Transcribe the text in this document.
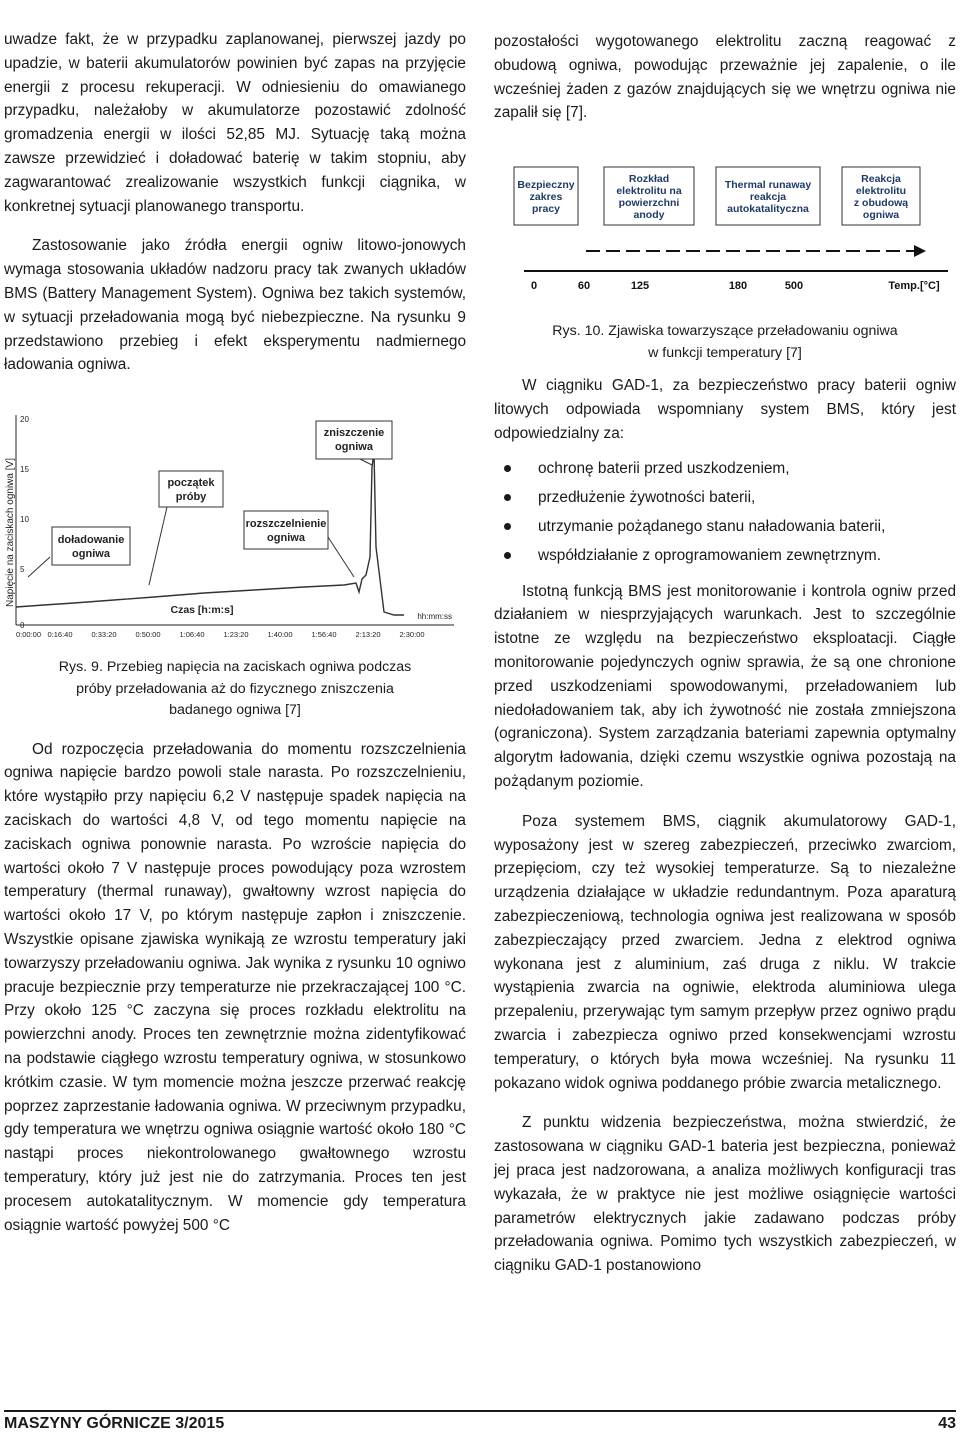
uwadze fakt, że w przypadku zaplanowanej, pierwszej jazdy po upadzie, w baterii akumulatorów powinien być zapas na przyjęcie energii z procesu rekuperacji. W odniesieniu do omawianego przypadku, należałoby w akumulatorze pozostawić zdolność gromadzenia energii w ilości 52,85 MJ. Sytuację taką można zawsze przewidzieć i doładować baterię w takim stopniu, aby zagwarantować zrealizowanie wszystkich funkcji ciągnika, w konkretnej sytuacji planowanego transportu.

Zastosowanie jako źródła energii ogniw litowo-jonowych wymaga stosowania układów nadzoru pracy tak zwanych układów BMS (Battery Management System). Ogniwa bez takich systemów, w sytuacji przeładowania mogą być niebezpieczne. Na rysunku 9 przedstawiono przebieg i efekt eksperymentu nadmiernego ładowania ogniwa.

Napięcie na zaciskach ogniwa [V]
20
15
10
5
0
0:00:00 0:16:40	0:33:20	0:50:00	1:06:40	1:23:20	1:40:00	1:56:40	2:13:20	2:30:00
doładowanie
ogniwa
początek
próby
rozszczelnienie
ogniwa
zniszczenie
ogniwa
Czas [h:m:s]
hh:mm:ss

Rys. 9. Przebieg napięcia na zaciskach ogniwa podczas

próby przeładowania aż do fizycznego zniszczenia

badanego ogniwa [7]

Od rozpoczęcia przeładowania do momentu rozszczelnienia ogniwa napięcie bardzo powoli stale narasta. Po rozszczelnieniu, które wystąpiło przy napięciu 6,2 V następuje spadek napięcia na zaciskach do wartości 4,8 V, od tego momentu napięcie na zaciskach ogniwa ponownie narasta. Po wzroście napięcia do wartości około 7 V następuje proces powodujący poza wzrostem temperatury (thermal runaway), gwałtowny wzrost napięcia do wartości około 17 V, po którym następuje zapłon i zniszczenie. Wszystkie opisane zjawiska wynikają ze wzrostu temperatury jaki towarzyszy przeładowaniu ogniwa. Jak wynika z rysunku 10 ogniwo pracuje bezpiecznie przy temperaturze nie przekraczającej 100 °C. Przy około 125 °C zaczyna się proces rozkładu elektrolitu na powierzchni anody. Proces ten zewnętrznie można zidentyfikować na podstawie ciągłego wzrostu temperatury ogniwa, w stosunkowo krótkim czasie. W tym momencie można jeszcze przerwać reakcję poprzez zaprzestanie ładowania ogniwa. W przeciwnym przypadku, gdy temperatura we wnętrzu ogniwa osiągnie wartość około 180 °C nastąpi proces niekontrolowanego gwałtownego wzrostu temperatury, który już jest nie do zatrzymania. Proces ten jest procesem autokatalitycznym. W momencie gdy temperatura osiągnie wartość powyżej 500 °C

pozostałości wygotowanego elektrolitu zaczną reagować z obudową ogniwa, powodując przeważnie jej zapalenie, o ile wcześniej żaden z gazów znajdujących się we wnętrzu ogniwa nie zapalił się [7].

Bezpieczny
zakres
pracy
Rozkład
elektrolitu na
powierzchni
anody
Thermal runaway
reakcja
autokatalityczna
Reakcja
elektrolitu
z obudową
ogniwa
0	60	125	180	500	Temp.[°C]

Rys. 10. Zjawiska towarzyszące przeładowaniu ogniwa

w funkcji temperatury [7]

W ciągniku GAD-1, za bezpieczeństwo pracy baterii ogniw litowych odpowiada wspomniany system BMS, który jest odpowiedzialny za:

ochronę baterii przed uszkodzeniem,
przedłużenie żywotności baterii,
utrzymanie pożądanego stanu naładowania baterii,
współdziałanie z oprogramowaniem zewnętrznym.

Istotną funkcją BMS jest monitorowanie i kontrola ogniw przed działaniem w niesprzyjających warunkach. Jest to szczególnie istotne ze względu na bezpieczeństwo eksploatacji. Ciągłe monitorowanie pojedynczych ogniw sprawia, że są one chronione przed uszkodzeniami spowodowanymi, przeładowaniem lub niedoładowaniem tak, aby ich żywotność nie została zmniejszona (ograniczona). System zarządzania bateriami zapewnia optymalny algorytm ładowania, dzięki czemu wszystkie ogniwa pozostają na pożądanym poziomie.

Poza systemem BMS, ciągnik akumulatorowy GAD-1, wyposażony jest w szereg zabezpieczeń, przeciwko zwarciom, przepięciom, czy też wysokiej temperaturze. Są to niezależne urządzenia działające w układzie redundantnym. Poza aparaturą zabezpieczeniową, technologia ogniwa jest realizowana w sposób zabezpieczający przed zwarciem. Jedna z elektrod ogniwa wykonana jest z aluminium, zaś druga z niklu. W trakcie wystąpienia zwarcia na ogniwie, elektroda aluminiowa ulega przepaleniu, przerywając tym samym przepływ przez ogniwo prądu zwarcia i zabezpiecza ogniwo przed konsekwencjami wzrostu temperatury, o których była mowa wcześniej. Na rysunku 11 pokazano widok ogniwa poddanego próbie zwarcia metalicznego.

Z punktu widzenia bezpieczeństwa, można stwierdzić, że zastosowana w ciągniku GAD-1 bateria jest bezpieczna, ponieważ jej praca jest nadzorowana, a analiza możliwych konfiguracji tras wykazała, że w praktyce nie jest możliwe osiągnięcie wartości parametrów elektrycznych jakie zadawano podczas próby przeładowania ogniwa. Pomimo tych wszystkich zabezpieczeń, w ciągniku GAD-1 postanowiono

MASZYNY GÓRNICZE 3/2015	43
